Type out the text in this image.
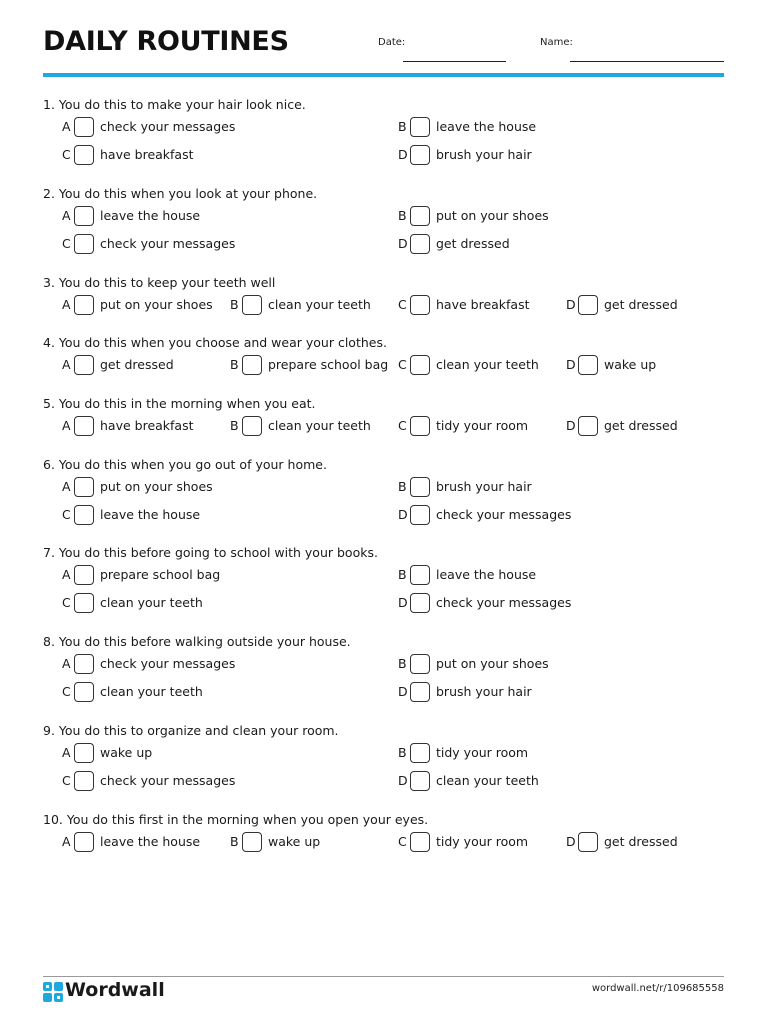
DAILY ROUTINES	Date:	Name:
1. You do this to make your hair look nice.
A check your messages	B leave the house
C have breakfast	D brush your hair
2. You do this when you look at your phone.
A leave the house	B put on your shoes
C check your messages	D get dressed
3. You do this to keep your teeth well
A put on your shoes B clean your teeth C have breakfast	D get dressed
4. You do this when you choose and wear your clothes.
A get dressed	B prepare school bag C clean your teeth D wake up
5. You do this in the morning when you eat.
A have breakfast	B clean your teeth C tidy your room	D get dressed
6. You do this when you go out of your home.
A put on your shoes	B brush your hair
C leave the house	D check your messages
7. You do this before going to school with your books.
A prepare school bag	B leave the house
C clean your teeth	D check your messages
8. You do this before walking outside your house.
A check your messages	B put on your shoes
C clean your teeth	D brush your hair
9. You do this to organize and clean your room.
A wake up	B tidy your room
C check your messages	D clean your teeth
10. You do this first in the morning when you open your eyes.
A leave the house B wake up	C tidy your room	D get dressed
Wordwall	wordwall.net/r/109685558
